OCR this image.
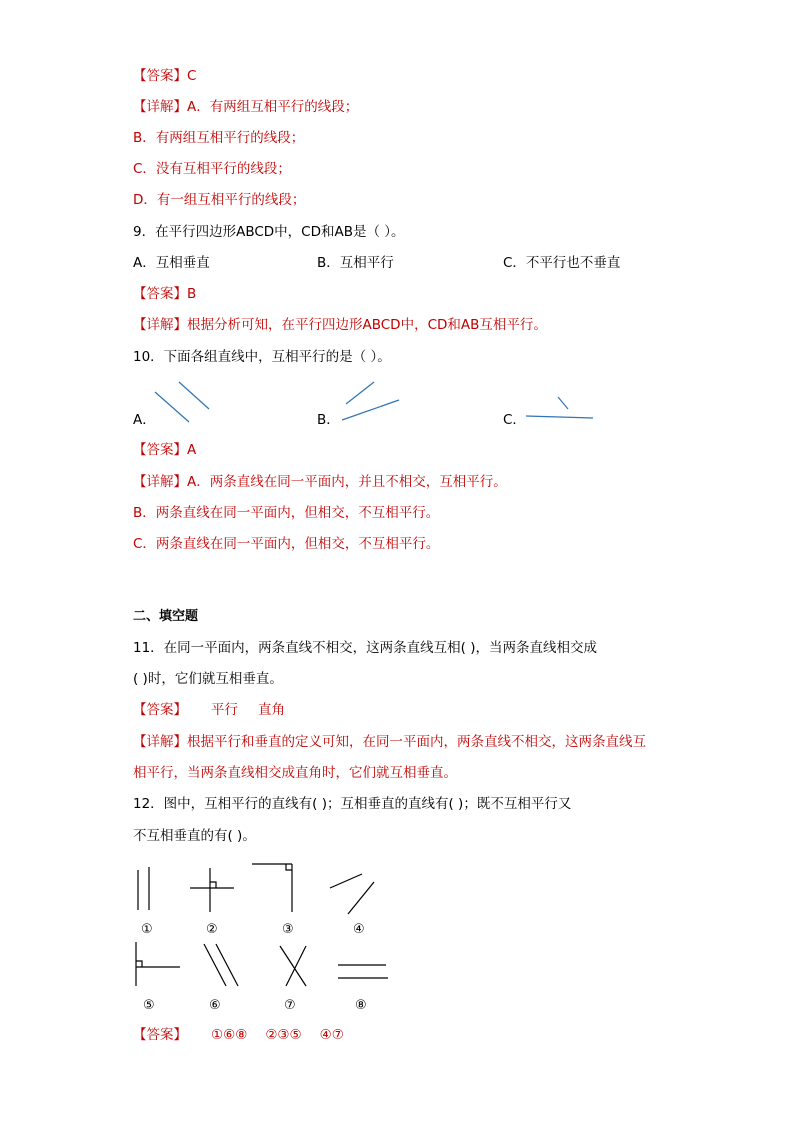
【答案】C
【详解】A．有两组互相平行的线段；
B．有两组互相平行的线段；
C．没有互相平行的线段；
D．有一组互相平行的线段；
9．在平行四边形ABCD中，CD和AB是（ ）。
A．互相垂直	B．互相平行	C．不平行也不垂直
【答案】B
【详解】根据分析可知，在平行四边形ABCD中，CD和AB互相平行。
10．下面各组直线中，互相平行的是（ ）。
A．	B．	C．
【答案】A
【详解】A．两条直线在同一平面内，并且不相交，互相平行。
B．两条直线在同一平面内，但相交，不互相平行。
C．两条直线在同一平面内，但相交，不互相平行。
二、填空题
11．在同一平面内，两条直线不相交，这两条直线互相( )，当两条直线相交成
( )时，它们就互相垂直。
【答案】 平行 直角
【详解】根据平行和垂直的定义可知，在同一平面内，两条直线不相交，这两条直线互
相平行，当两条直线相交成直角时，它们就互相垂直。
12．图中，互相平行的直线有( )；互相垂直的直线有( )；既不互相平行又
不互相垂直的有( )。
①	②	③	④
⑤	⑥	⑦	⑧
【答案】 ①⑥⑧ ②③⑤ ④⑦
